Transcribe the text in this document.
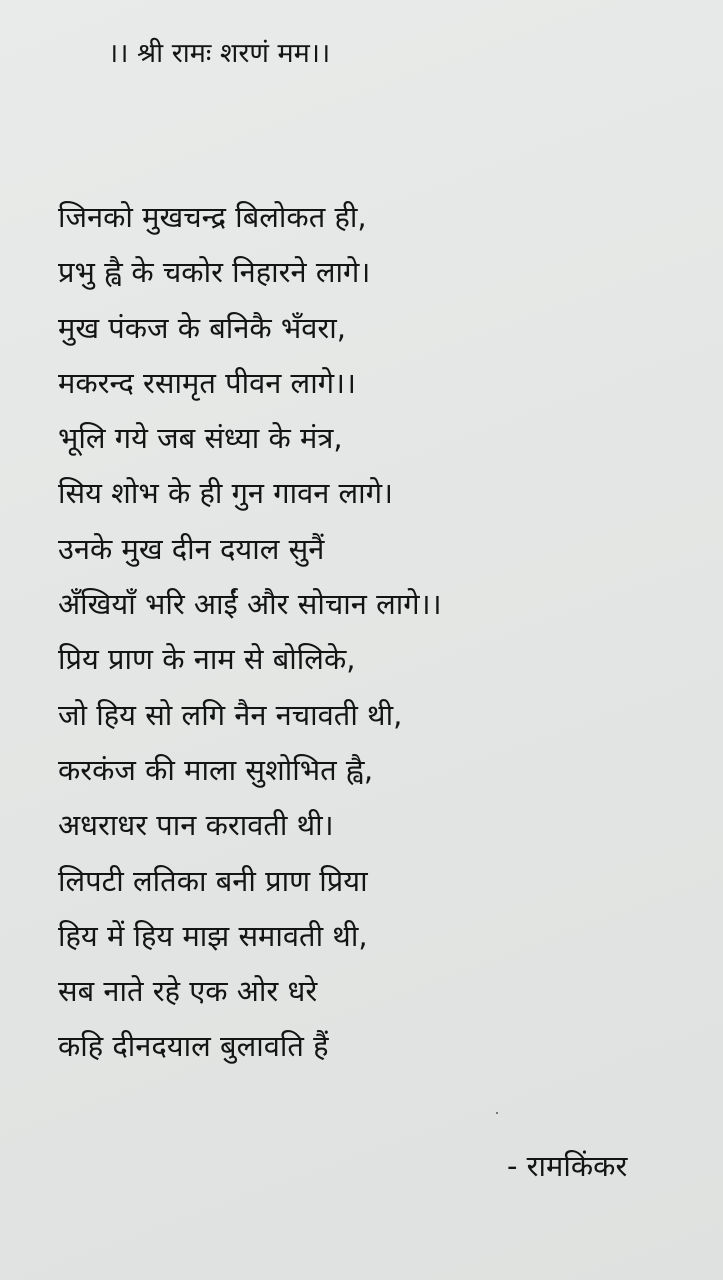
।। श्री रामः शरणं मम।।
जिनको मुखचन्द्र बिलोकत ही,
प्रभु ह्वै के चकोर निहारने लागे।
मुख पंकज के बनिकै भँवरा,
मकरन्द रसामृत पीवन लागे।।
भूलि गये जब संध्या के मंत्र,
सिय शोभ के ही गुन गावन लागे।
उनके मुख दीन दयाल सुनैं
अँखियाँ भरि आईं और सोचान लागे।।
प्रिय प्राण के नाम से बोलिके,
जो हिय सो लगि नैन नचावती थी,
करकंज की माला सुशोभित ह्वै,
अधराधर पान करावती थी।
लिपटी लतिका बनी प्राण प्रिया
हिय में हिय माझ समावती थी,
सब नाते रहे एक ओर धरे
कहि दीनदयाल बुलावति हैं
- रामकिंकर
